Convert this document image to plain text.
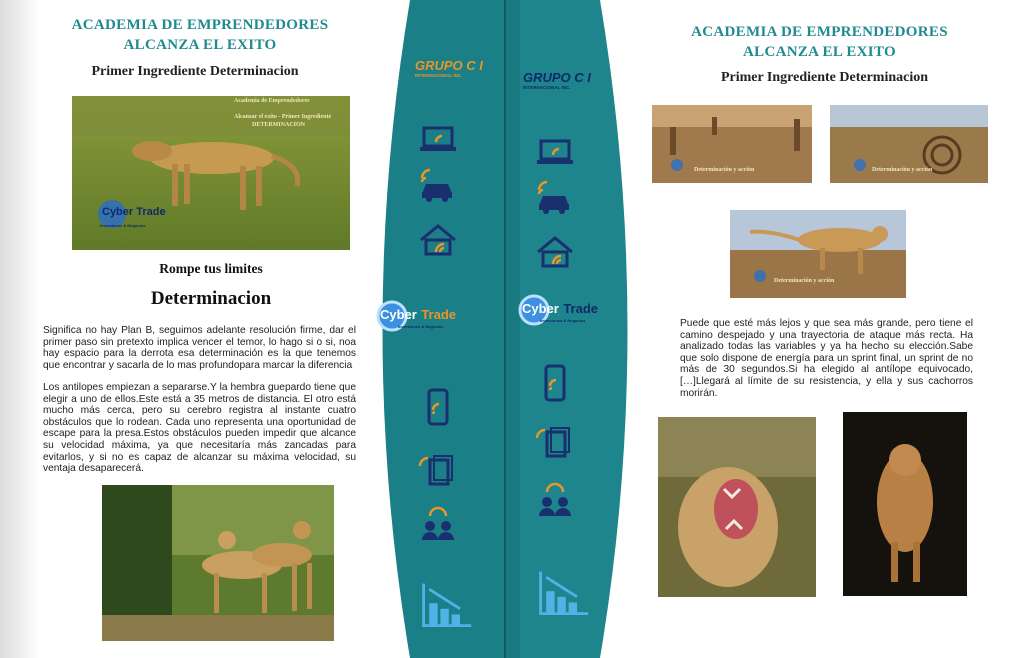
ACADEMIA DE EMPRENDEDORES
ALCANZA EL EXITO
Primer Ingrediente Determinacion
Academia de Emprendedores
Alcanzar el exito - Primer Ingrediente
DETERMINACION
Cyber Trade
Inversiones & Negocios
Rompe tus limites
Determinacion
Significa no hay Plan B, seguimos adelante resolución firme, dar el primer paso sin pretexto implica vencer el temor, lo hago si o si, noa hay espacio para la derrota esa determinación es la que tenemos que encontrar y sacarla de lo mas profundopara marcar la diferencia
Los antilopes empiezan a separarse.Y la hembra guepardo tiene que elegir a uno de ellos.Este está a 35 metros de distancia. El otro está mucho más cerca, pero su cerebro registra al instante cuatro obstáculos que lo rodean. Cada uno representa una oportunidad de escape para la presa.Estos obstáculos pueden impedir que alcance su velocidad máxima, ya que necesitaría más zancadas para evitarlos, y si no es capaz de alcanzar su máxima velocidad, su ventaja desaparecerá.
ACADEMIA DE EMPRENDEDORES
ALCANZA EL EXITO
Primer Ingrediente Determinacion
Determinación y acción	Determinación y acción
Determinación y acción
Puede que esté más lejos y que sea más grande, pero tiene el camino despejado y una trayectoria de ataque más recta. Ha analizado todas las variables y ya ha hecho su elección.Sabe que solo dispone de energía para un sprint final, un sprint de no más de 30 segundos.Si ha elegido al antílope equivocado,[…]Llegará al límite de su resistencia, y ella y sus cachorros morirán.
GRUPO C I
INTERNACIONAL INC.	GRUPO C I
INTERNACIONAL INC.
Cyber Trade
Inversiones & Negocios
Cyber Trade
Inversiones & Negocios
